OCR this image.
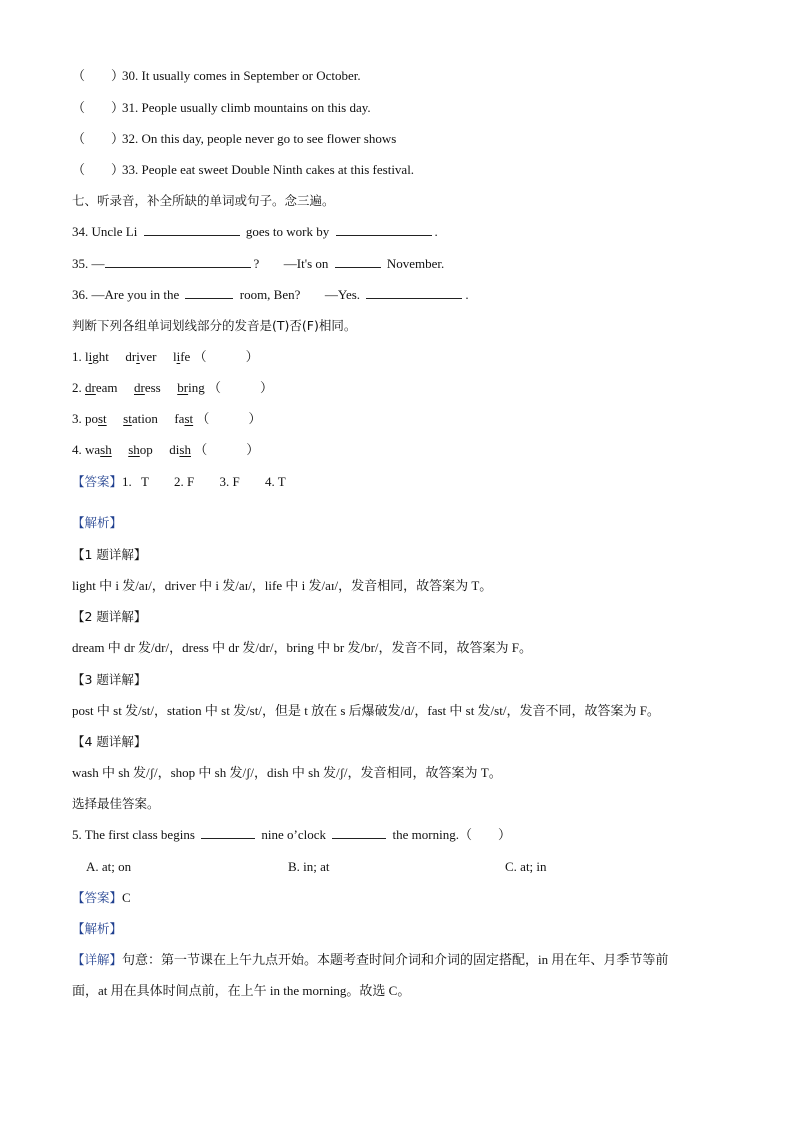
（　　）30. It usually comes in September or October.
（　　）31. People usually climb mountains on this day.
（　　）32. On this day, people never go to see flower shows
（　　）33. People eat sweet Double Ninth cakes at this festival.
七、听录音，补全所缺的单词或句子。念三遍。
34. Uncle Li	goes to work by	.
35. —	? —It's on	November.
36. —Are you in the	room, Ben? —Yes.	.
判断下列各组单词划线部分的发音是(T)否(F)相同。
1. light driver life （　　　）
2. dream dress bring （　　　）
3. post station fast （　　　）
4. wash shop dish （　　　）
【答案】1. T 2. F 3. F 4. T
【解析】
【1 题详解】
light 中 i 发/aɪ/，driver 中 i 发/aɪ/，life 中 i 发/aɪ/，发音相同，故答案为 T。
【2 题详解】
dream 中 dr 发/dr/，dress 中 dr 发/dr/，bring 中 br 发/br/，发音不同，故答案为 F。
【3 题详解】
post 中 st 发/st/，station 中 st 发/st/，但是 t 放在 s 后爆破发/d/，fast 中 st 发/st/，发音不同，故答案为 F。
【4 题详解】
wash 中 sh 发/ʃ/，shop 中 sh 发/ʃ/，dish 中 sh 发/ʃ/，发音相同，故答案为 T。
选择最佳答案。
5. The first class begins	nine o’clock	the morning.（　　）
A. at; on	B. in; at	C. at; in
【答案】C
【解析】
【详解】句意：第一节课在上午九点开始。本题考查时间介词和介词的固定搭配，in 用在年、月季节等前
面，at 用在具体时间点前，在上午 in the morning。故选 C。
